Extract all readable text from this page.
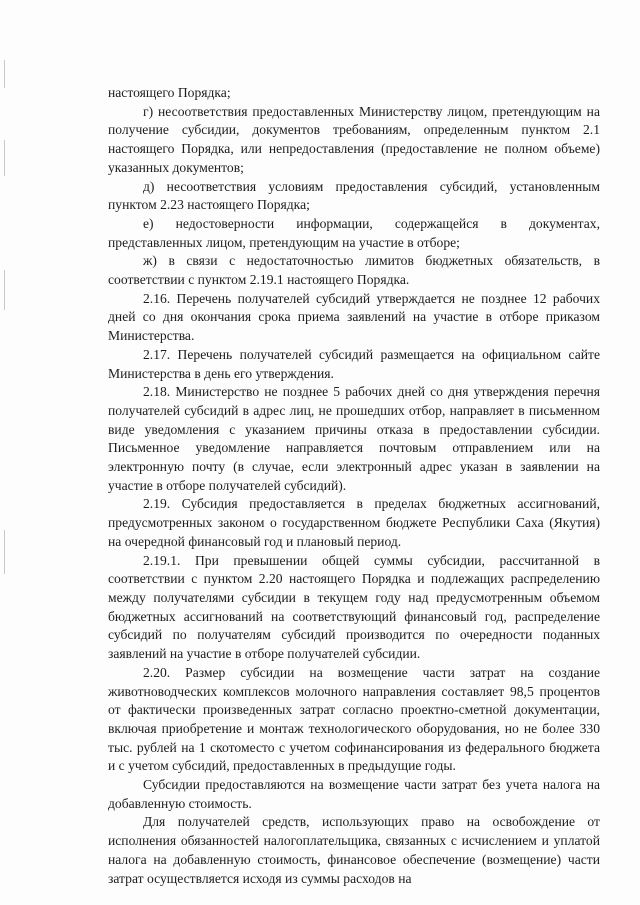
настоящего Порядка;

г) несоответствия предоставленных Министерству лицом, претендующим на получение субсидии, документов требованиям, определенным пунктом 2.1 настоящего Порядка, или непредоставления (предоставление не полном объеме) указанных документов;

д) несоответствия условиям предоставления субсидий, установленным пунктом 2.23 настоящего Порядка;

е) недостоверности информации, содержащейся в документах, представленных лицом, претендующим на участие в отборе;

ж) в связи с недостаточностью лимитов бюджетных обязательств, в соответствии с пунктом 2.19.1 настоящего Порядка.

2.16. Перечень получателей субсидий утверждается не позднее 12 рабочих дней со дня окончания срока приема заявлений на участие в отборе приказом Министерства.

2.17. Перечень получателей субсидий размещается на официальном сайте Министерства в день его утверждения.

2.18. Министерство не позднее 5 рабочих дней со дня утверждения перечня получателей субсидий в адрес лиц, не прошедших отбор, направляет в письменном виде уведомления с указанием причины отказа в предоставлении субсидии. Письменное уведомление направляется почтовым отправлением или на электронную почту (в случае, если электронный адрес указан в заявлении на участие в отборе получателей субсидий).

2.19. Субсидия предоставляется в пределах бюджетных ассигнований, предусмотренных законом о государственном бюджете Республики Саха (Якутия) на очередной финансовый год и плановый период.

2.19.1. При превышении общей суммы субсидии, рассчитанной в соответствии с пунктом 2.20 настоящего Порядка и подлежащих распределению между получателями субсидии в текущем году над предусмотренным объемом бюджетных ассигнований на соответствующий финансовый год, распределение субсидий по получателям субсидий производится по очередности поданных заявлений на участие в отборе получателей субсидии.

2.20. Размер субсидии на возмещение части затрат на создание животноводческих комплексов молочного направления составляет 98,5 процентов от фактически произведенных затрат согласно проектно-сметной документации, включая приобретение и монтаж технологического оборудования, но не более 330 тыс. рублей на 1 скотоместо с учетом софинансирования из федерального бюджета и с учетом субсидий, предоставленных в предыдущие годы.

Субсидии предоставляются на возмещение части затрат без учета налога на добавленную стоимость.

Для получателей средств, использующих право на освобождение от исполнения обязанностей налогоплательщика, связанных с исчислением и уплатой налога на добавленную стоимость, финансовое обеспечение (возмещение) части затрат осуществляется исходя из суммы расходов на
